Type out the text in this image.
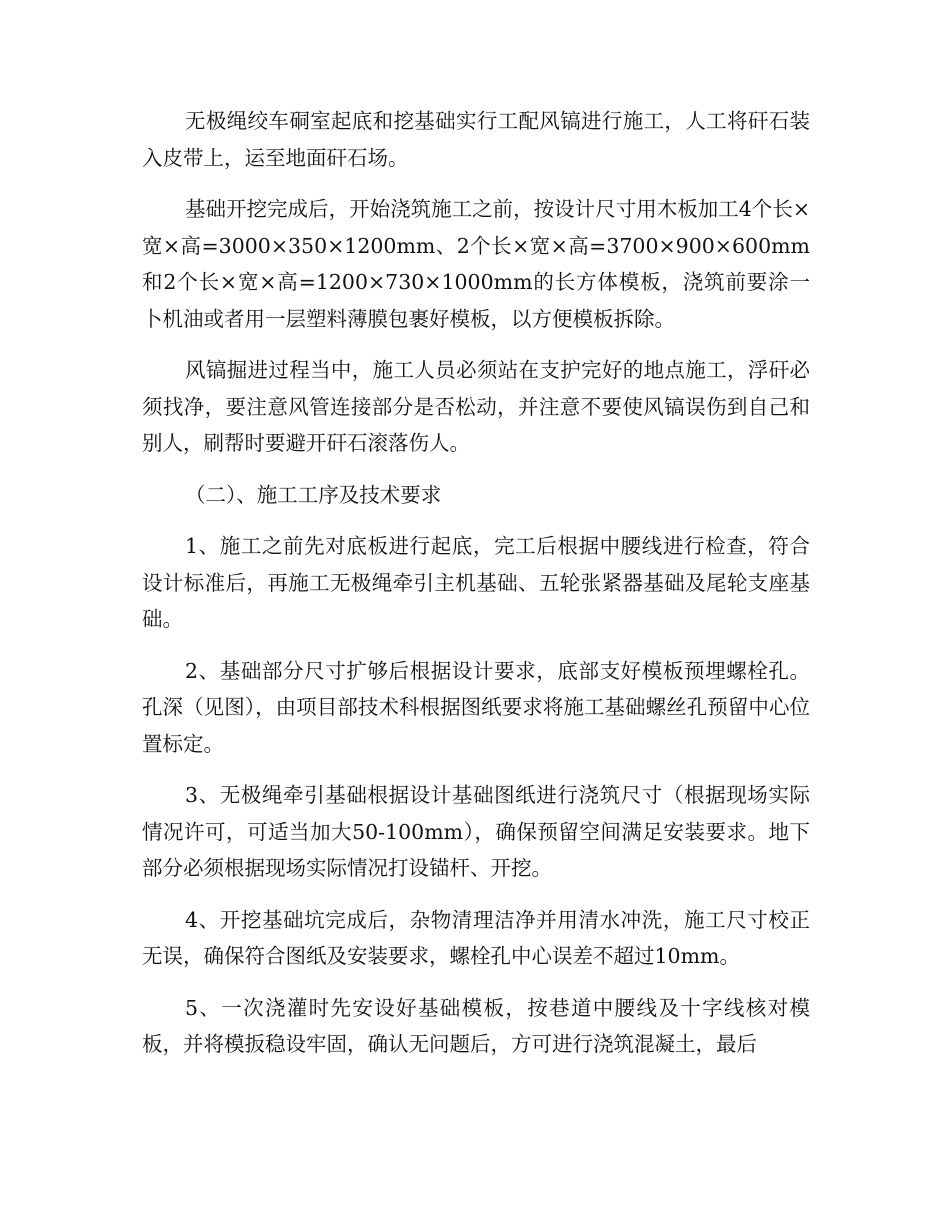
无极绳绞车硐室起底和挖基础实行工配风镐进行施工，人工将矸石装入皮带上，运至地面矸石场。

基础开挖完成后，开始浇筑施工之前，按设计尺寸用木板加工4个长×宽×高=3000×350×1200mm、2个长×宽×高=3700×900×600mm和2个长×宽×高=1200×730×1000mm的长方体模板，浇筑前要涂一卜机油或者用一层塑料薄膜包裹好模板，以方便模板拆除。

风镐掘进过程当中，施工人员必须站在支护完好的地点施工，浮矸必须找净，要注意风管连接部分是否松动，并注意不要使风镐误伤到自己和别人，刷帮时要避开矸石滚落伤人。

（二）、施工工序及技术要求

1、施工之前先对底板进行起底，完工后根据中腰线进行检查，符合设计标准后，再施工无极绳牵引主机基础、五轮张紧器基础及尾轮支座基础。

2、基础部分尺寸扩够后根据设计要求，底部支好模板预埋螺栓孔。孔深（见图），由项目部技术科根据图纸要求将施工基础螺丝孔预留中心位置标定。

3、无极绳牵引基础根据设计基础图纸进行浇筑尺寸（根据现场实际情况许可，可适当加大50-100mm），确保预留空间满足安装要求。地下部分必须根据现场实际情况打设锚杆、开挖。

4、开挖基础坑完成后，杂物清理洁净并用清水冲洗，施工尺寸校正无误，确保符合图纸及安装要求，螺栓孔中心误差不超过10mm。

5、一次浇灌时先安设好基础模板，按巷道中腰线及十字线核对模板，并将模扳稳设牢固，确认无问题后，方可进行浇筑混凝土，最后
